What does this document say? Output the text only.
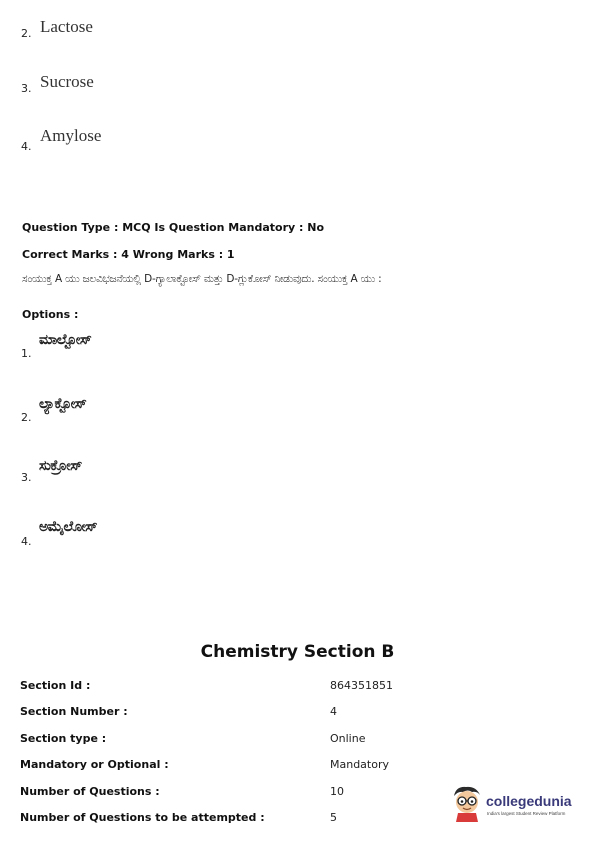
2. Lactose
3. Sucrose
4.
Amylose
Question Type : MCQ Is Question Mandatory : No
Correct Marks : 4 Wrong Marks : 1
ಸಂಯುಕ್ತ A ಯು ಜಲವಿಭಜನೆಯಲ್ಲಿ D-ಗ್ಯಾಲಾಕ್ಟೋಸ್ ಮತ್ತು D-ಗ್ಲುಕೋಸ್ ನೀಡುವುದು. ಸಂಯುಕ್ತ A ಯು :
Options :
1.
ಮಾಲ್ಟೋಸ್
2.
ಲ್ಯಾಕ್ಟೋಸ್
3.
ಸುಕ್ರೋಸ್
4.
ಅಮೈಲೋಸ್
Chemistry Section B
Section Id :	864351851
Section Number :	4
Section type :	Online
Mandatory or Optional :	Mandatory
Number of Questions :	10
Number of Questions to be attempted :	5
collegedunia
India's largest Student Review Platform
